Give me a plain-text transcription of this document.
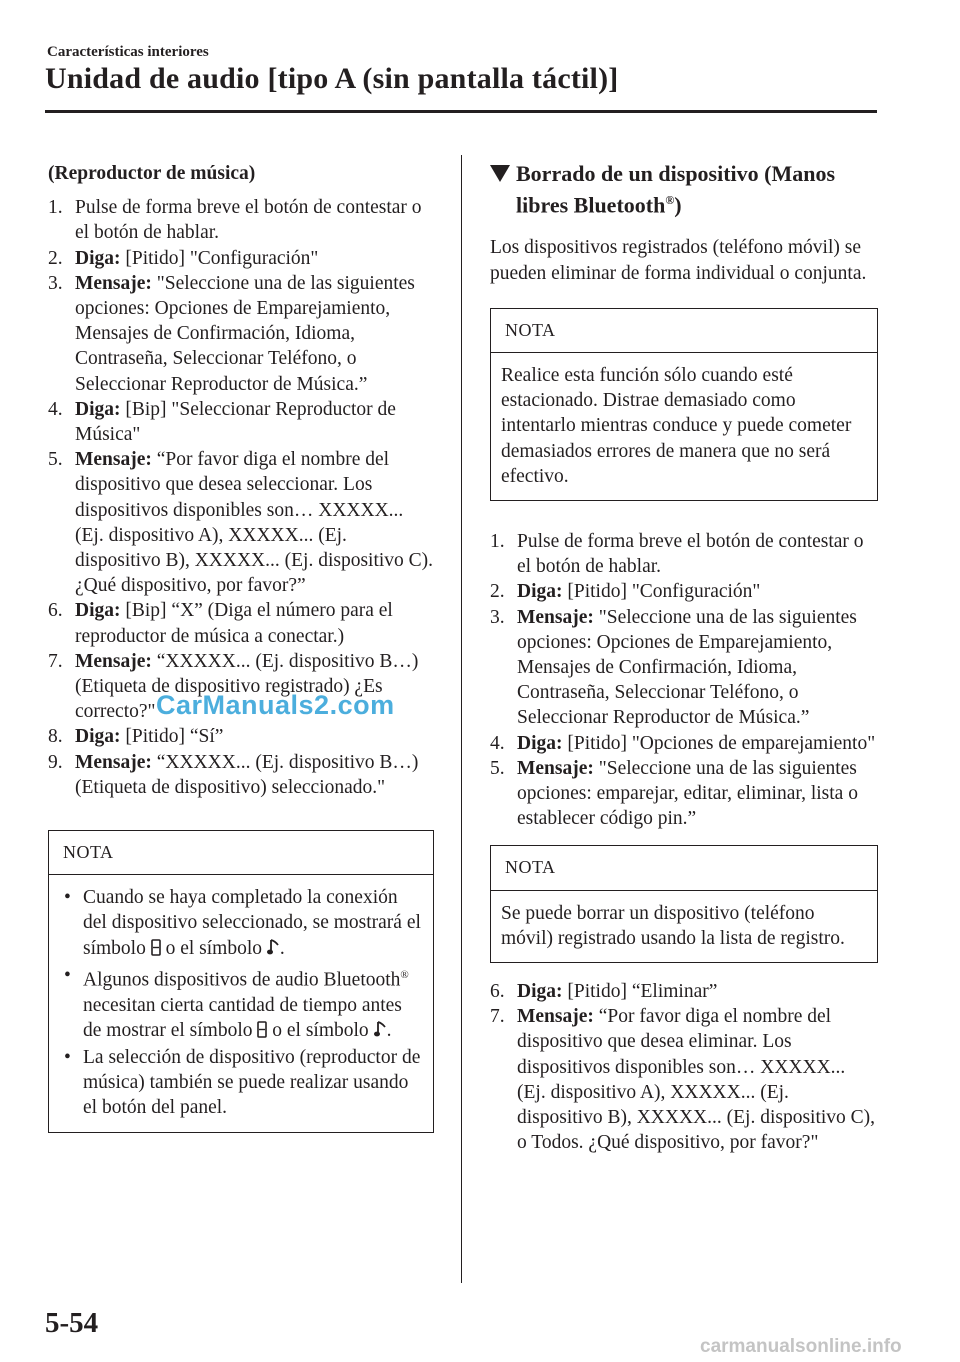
Características interiores
Unidad de audio [tipo A (sin pantalla táctil)]
(Reproductor de música)
1. Pulse de forma breve el botón de contestar o el botón de hablar.
2. Diga: [Pitido] "Configuración"
3. Mensaje: "Seleccione una de las siguientes opciones: Opciones de Emparejamiento, Mensajes de Confirmación, Idioma, Contraseña, Seleccionar Teléfono, o Seleccionar Reproductor de Música.”
4. Diga: [Bip] "Seleccionar Reproductor de Música"
5. Mensaje: “Por favor diga el nombre del dispositivo que desea seleccionar. Los dispositivos disponibles son… XXXXX... (Ej. dispositivo A), XXXXX... (Ej. dispositivo B), XXXXX... (Ej. dispositivo C). ¿Qué dispositivo, por favor?”
6. Diga: [Bip] “X” (Diga el número para el reproductor de música a conectar.)
7. Mensaje: “XXXXX... (Ej. dispositivo B…) (Etiqueta de dispositivo registrado) ¿Es correcto?"
8. Diga: [Pitido] “Sí”
9. Mensaje: “XXXXX... (Ej. dispositivo B…) (Etiqueta de dispositivo) seleccionado."
NOTA
• Cuando se haya completado la conexión del dispositivo seleccionado, se mostrará el símbolo  o el símbolo .
• Algunos dispositivos de audio Bluetooth® necesitan cierta cantidad de tiempo antes de mostrar el símbolo  o el símbolo .
• La selección de dispositivo (reproductor de música) también se puede realizar usando el botón del panel.
Borrado de un dispositivo (Manos
libres Bluetooth®)

Los dispositivos registrados (teléfono móvil) se pueden eliminar de forma individual o conjunta.

NOTA

Realice esta función sólo cuando esté estacionado. Distrae demasiado como intentarlo mientras conduce y puede cometer demasiados errores de manera que no será efectivo.

1. Pulse de forma breve el botón de contestar o el botón de hablar.
2. Diga: [Pitido] "Configuración"
3. Mensaje: "Seleccione una de las siguientes opciones: Opciones de Emparejamiento, Mensajes de Confirmación, Idioma, Contraseña, Seleccionar Teléfono, o Seleccionar Reproductor de Música.”
4. Diga: [Pitido] "Opciones de emparejamiento"
5. Mensaje: "Seleccione una de las siguientes opciones: emparejar, editar, eliminar, lista o establecer código pin.”
NOTA

Se puede borrar un dispositivo (teléfono móvil) registrado usando la lista de registro.

6. Diga: [Pitido] “Eliminar”
7. Mensaje: “Por favor diga el nombre del dispositivo que desea eliminar. Los dispositivos disponibles son… XXXXX... (Ej. dispositivo A), XXXXX... (Ej. dispositivo B), XXXXX... (Ej. dispositivo C), o Todos. ¿Qué dispositivo, por favor?"
5-54
CarManuals2.com
carmanualsonline.info
